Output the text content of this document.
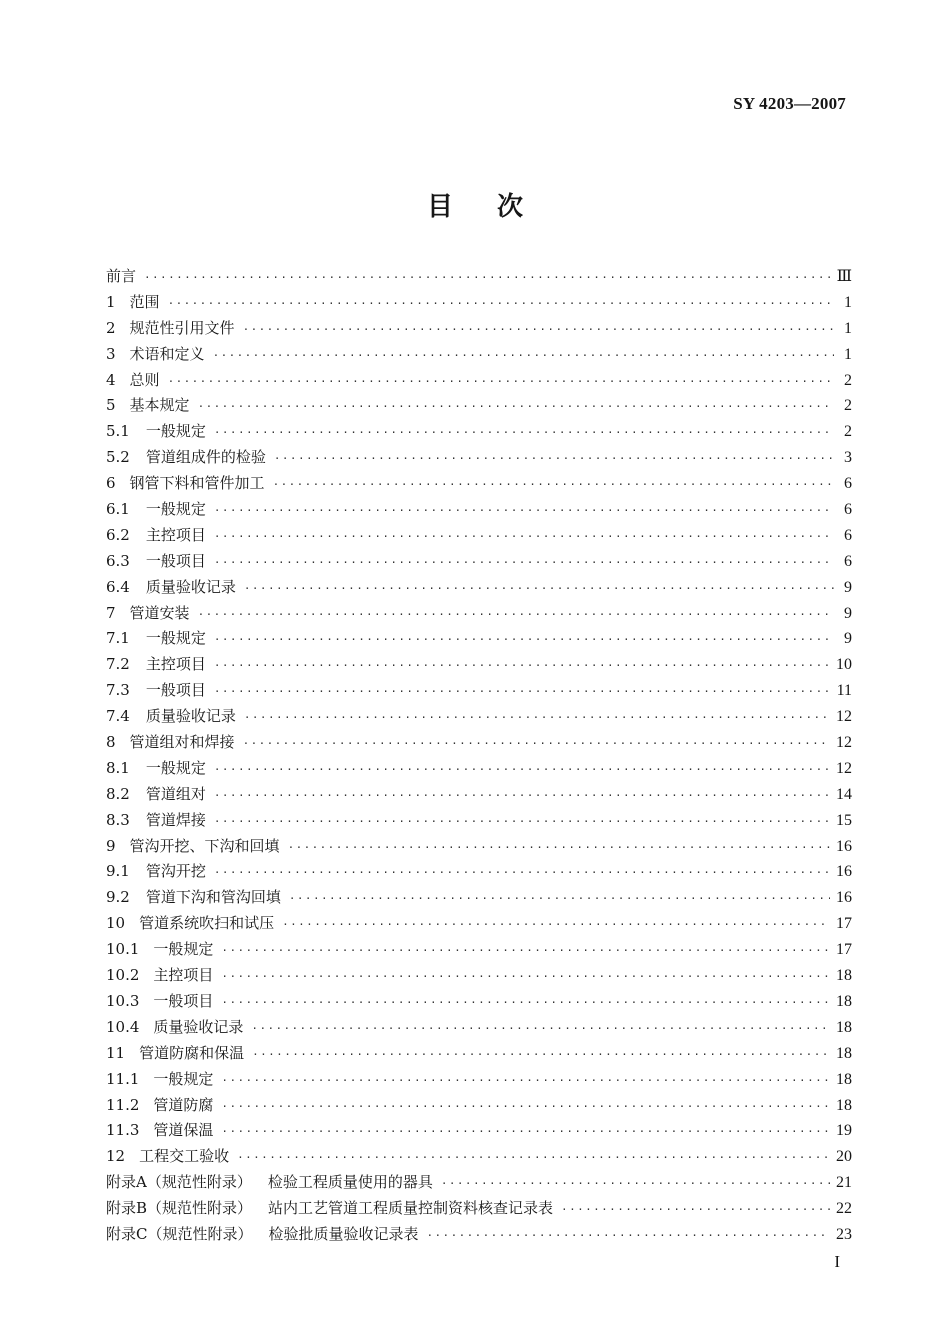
SY 4203—2007
目次
前言 ·····	Ⅲ
1 范围 ·····	1
2 规范性引用文件 ·····	1
3 术语和定义 ·····	1
4 总则 ·····	2
5 基本规定 ·····	2
5.1 一般规定 ·····	2
5.2 管道组成件的检验 ·····	3
6 钢管下料和管件加工 ·····	6
6.1 一般规定 ·····	6
6.2 主控项目 ·····	6
6.3 一般项目 ·····	6
6.4 质量验收记录 ·····	9
7 管道安装 ·····	9
7.1 一般规定 ·····	9
7.2 主控项目 ·····	10
7.3 一般项目 ·····	11
7.4 质量验收记录 ·····	12
8 管道组对和焊接 ·····	12
8.1 一般规定 ·····	12
8.2 管道组对 ·····	14
8.3 管道焊接 ·····	15
9 管沟开挖、下沟和回填 ·····	16
9.1 管沟开挖 ·····	16
9.2 管道下沟和管沟回填 ·····	16
10 管道系统吹扫和试压 ·····	17
10.1 一般规定 ·····	17
10.2 主控项目 ·····	18
10.3 一般项目 ·····	18
10.4 质量验收记录 ·····	18
11 管道防腐和保温 ·····	18
11.1 一般规定 ·····	18
11.2 管道防腐 ·····	18
11.3 管道保温 ·····	19
12 工程交工验收 ·····	20
附录A（规范性附录） 检验工程质量使用的器具 ·····	21
附录B（规范性附录） 站内工艺管道工程质量控制资料核查记录表 ·····	22
附录C（规范性附录） 检验批质量验收记录表 ·····	23
I
